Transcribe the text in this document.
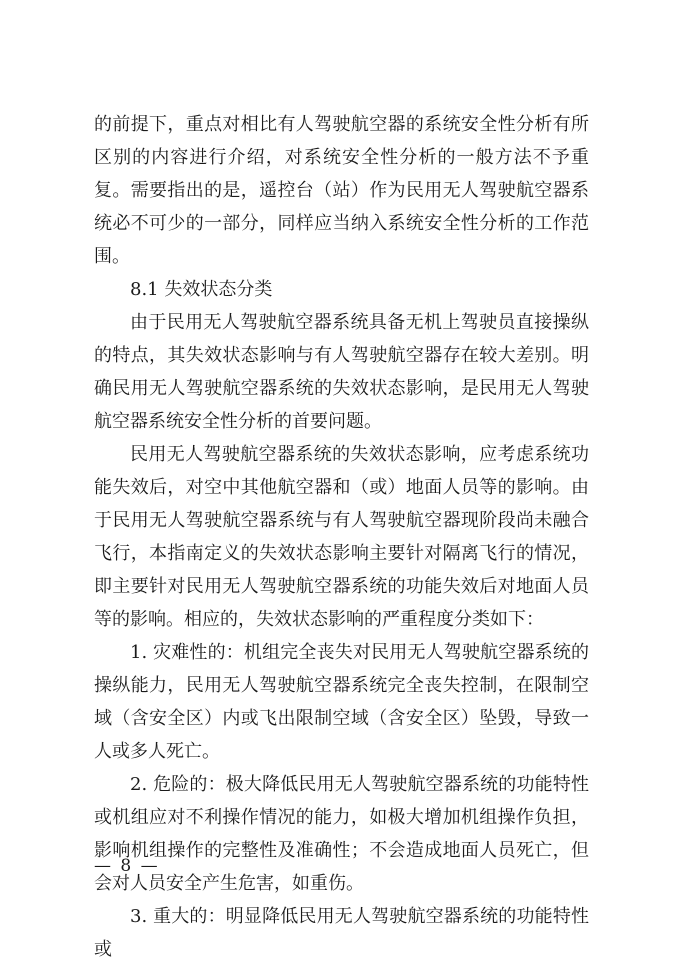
的前提下，重点对相比有人驾驶航空器的系统安全性分析有所区别的内容进行介绍，对系统安全性分析的一般方法不予重复。需要指出的是，遥控台（站）作为民用无人驾驶航空器系统必不可少的一部分，同样应当纳入系统安全性分析的工作范围。

8.1 失效状态分类

由于民用无人驾驶航空器系统具备无机上驾驶员直接操纵的特点，其失效状态影响与有人驾驶航空器存在较大差别。明确民用无人驾驶航空器系统的失效状态影响，是民用无人驾驶航空器系统安全性分析的首要问题。

民用无人驾驶航空器系统的失效状态影响，应考虑系统功能失效后，对空中其他航空器和（或）地面人员等的影响。由于民用无人驾驶航空器系统与有人驾驶航空器现阶段尚未融合飞行，本指南定义的失效状态影响主要针对隔离飞行的情况，即主要针对民用无人驾驶航空器系统的功能失效后对地面人员等的影响。相应的，失效状态影响的严重程度分类如下：

1. 灾难性的：机组完全丧失对民用无人驾驶航空器系统的操纵能力，民用无人驾驶航空器系统完全丧失控制，在限制空域（含安全区）内或飞出限制空域（含安全区）坠毁，导致一人或多人死亡。

2. 危险的：极大降低民用无人驾驶航空器系统的功能特性或机组应对不利操作情况的能力，如极大增加机组操作负担，影响机组操作的完整性及准确性；不会造成地面人员死亡，但会对人员安全产生危害，如重伤。

3. 重大的：明显降低民用无人驾驶航空器系统的功能特性或

— 8 —
